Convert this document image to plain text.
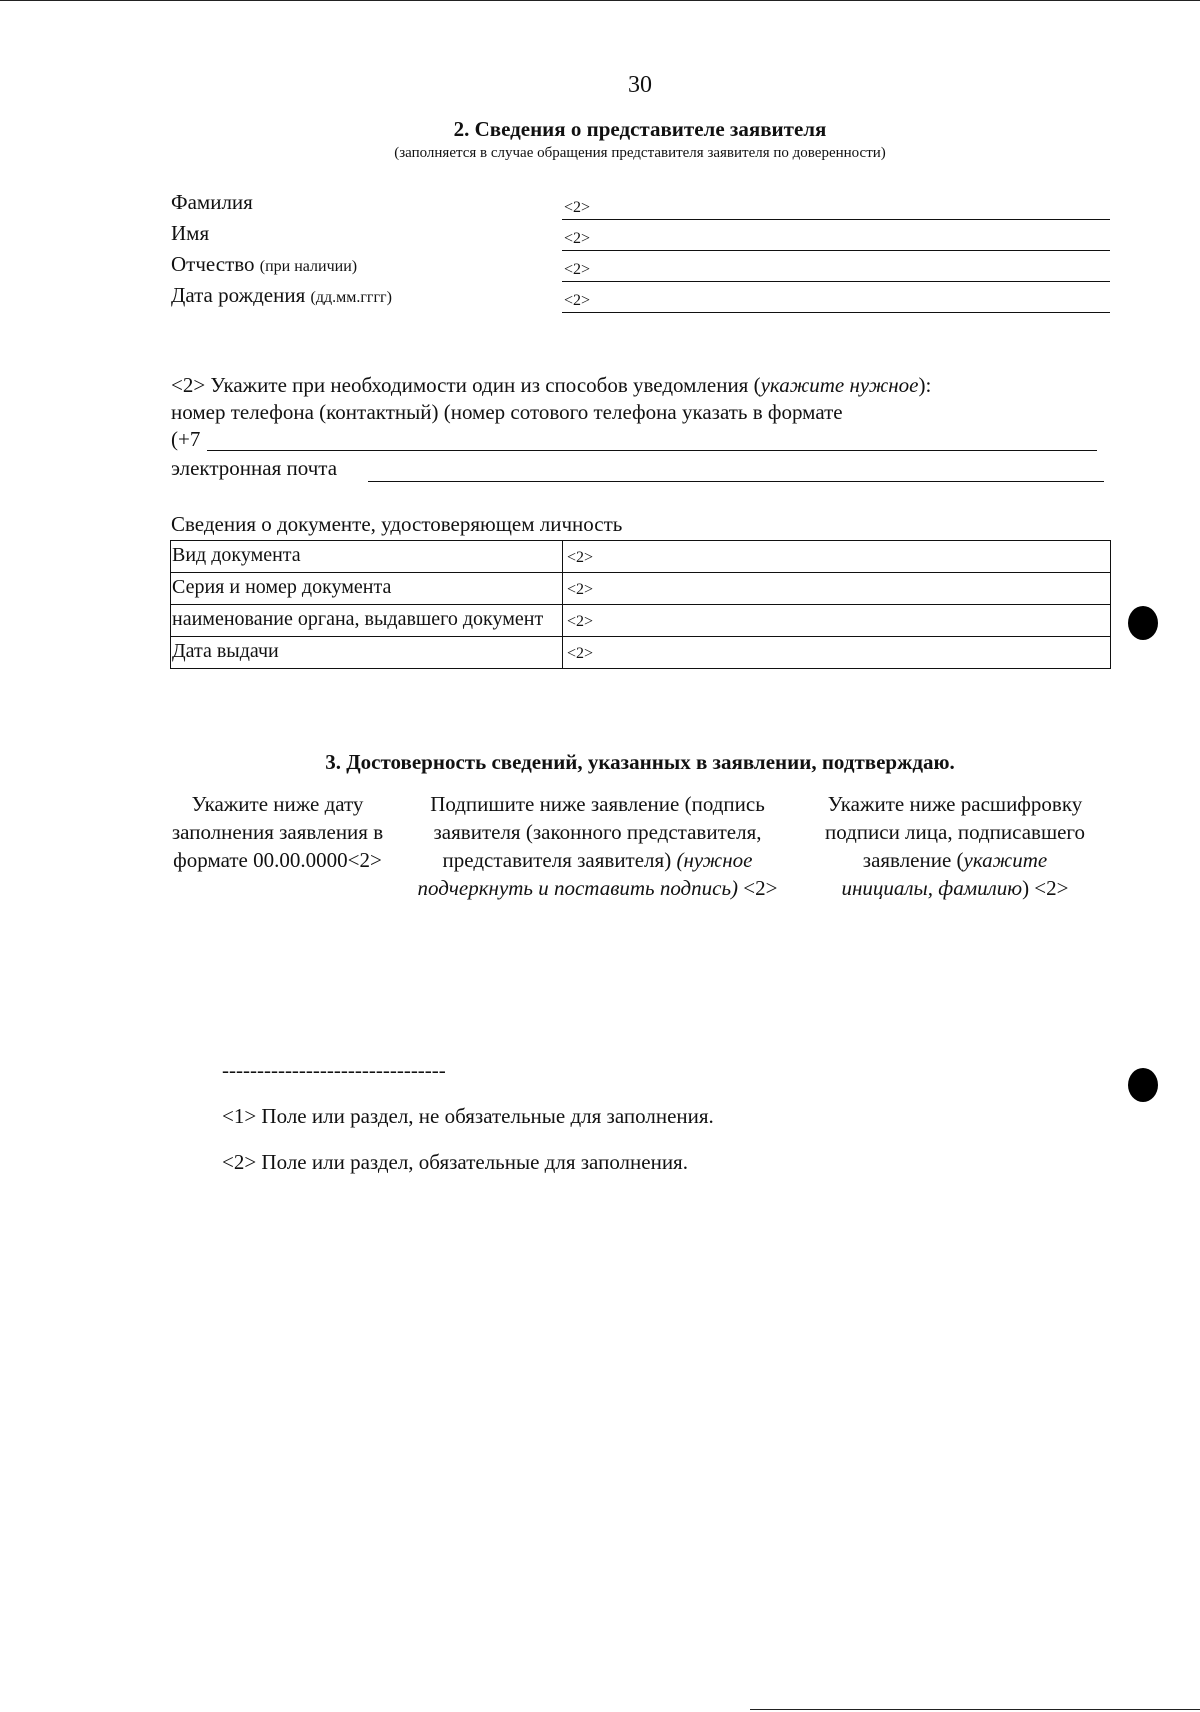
30
2. Сведения о представителе заявителя
(заполняется в случае обращения представителя заявителя по доверенности)
Фамилия	<2>
Имя	<2>
Отчество (при наличии)	<2>
Дата рождения (дд.мм.гггг)	<2>
<2> Укажите при необходимости один из способов уведомления (укажите нужное):
номер телефона (контактный) (номер сотового телефона указать в формате
(+7
электронная почта
Сведения о документе, удостоверяющем личность
Вид документа	<2>
Серия и номер документа	<2>
наименование органа, выдавшего документ	<2>
Дата выдачи	<2>
3. Достоверность сведений, указанных в заявлении, подтверждаю.
Укажите ниже дату заполнения заявления в формате 00.00.0000<2>
Подпишите ниже заявление (подпись заявителя (законного представителя, представителя заявителя) (нужное подчеркнуть и поставить подпись) <2>
Укажите ниже расшифровку подписи лица, подписавшего заявление (укажите инициалы, фамилию) <2>
--------------------------------
<1> Поле или раздел, не обязательные для заполнения.
<2> Поле или раздел, обязательные для заполнения.
